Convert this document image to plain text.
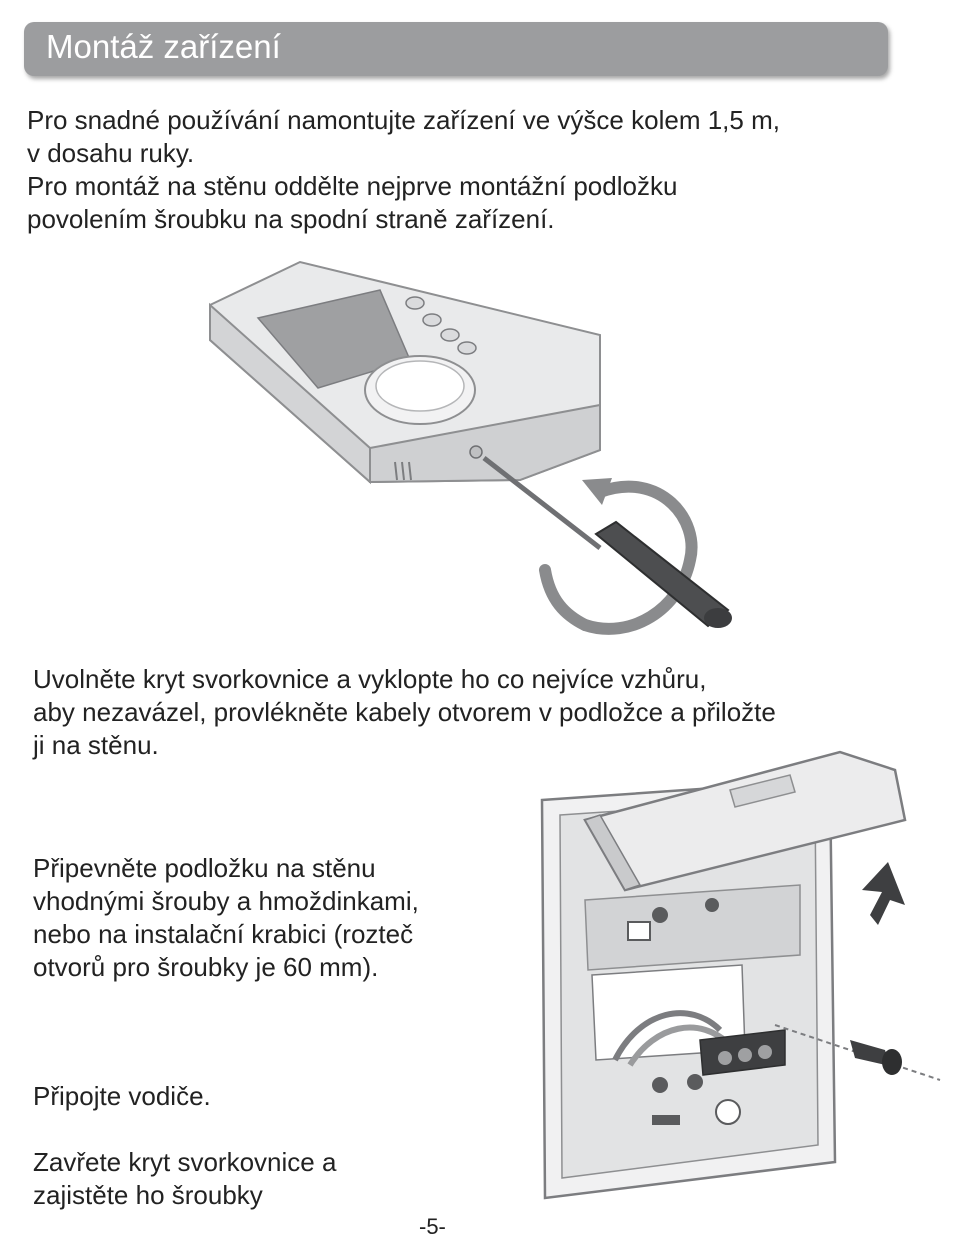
Montáž zařízení
Pro snadné používání namontujte zařízení ve výšce kolem 1,5 m,
v dosahu ruky.
Pro montáž na stěnu oddělte nejprve montážní podložku
povolením šroubku na spodní straně zařízení.
Uvolněte kryt svorkovnice a vyklopte ho co nejvíce vzhůru,
aby nezavázel, provlékněte kabely otvorem v podložce a přiložte
ji na stěnu.
Připevněte podložku na stěnu
vhodnými šrouby a hmoždinkami,
nebo na instalační krabici (rozteč
otvorů pro šroubky je 60 mm).
Připojte vodiče.
Zavřete kryt svorkovnice a
zajistěte ho šroubky
-5-
